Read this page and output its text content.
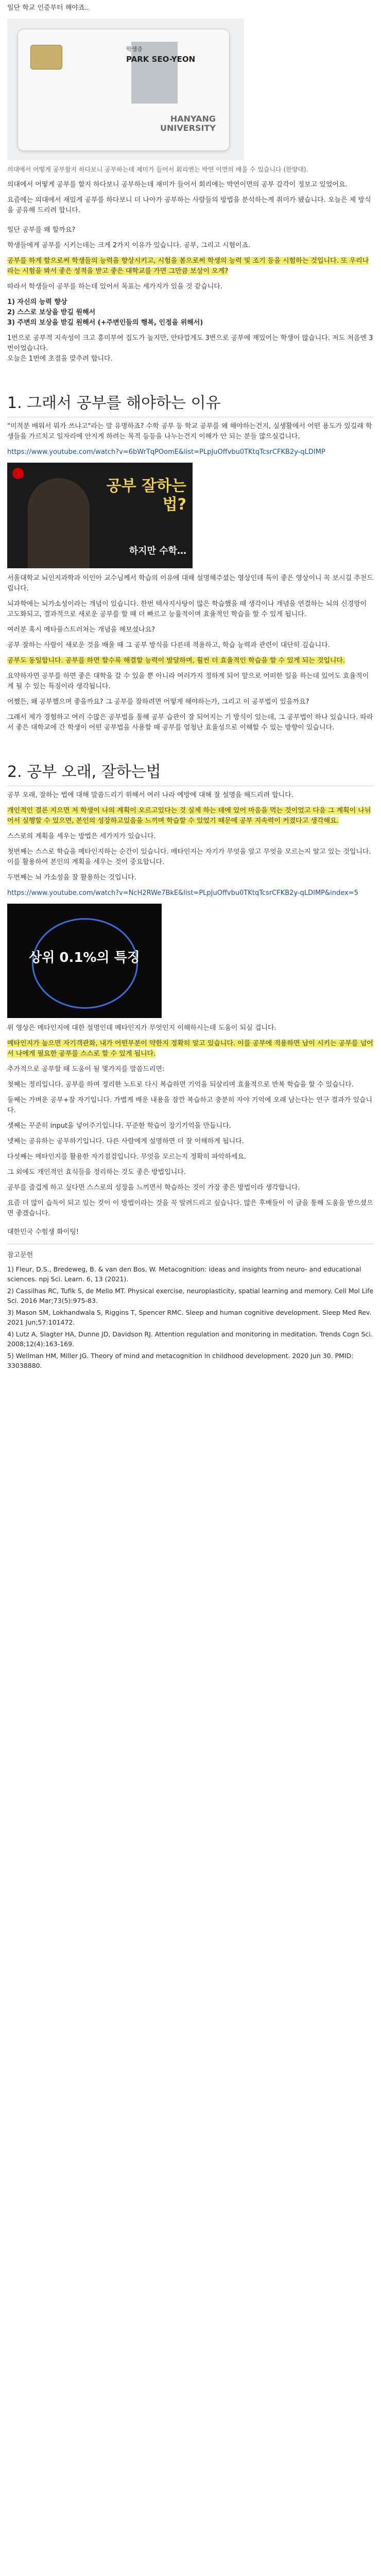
일단 학교 인증부터 해야죠..

학생증
PARK SEO-YEON
HANYANG
UNIVERSITY

의대에서 어떻게 공부할지 하다보니 공부하는데 제미가 들어서 회리엔는 박연 이면의 배울 수 있습니다 (한양대).

의대에서 어떻게 공부를 할지 하다보니 공부하는데 재미가 들어서 회리에는 박연이면의 공부 감각이 정보고 있었어요.

요즘에는 의대에서 재밌게 공부를 하다보니 더 나아가 공부하는 사람들의 방법을 분석하는게 취미가 됐습니다. 오늘은 제 방식을 공유해 드리려 합니다.

일단 공부를 왜 할까요?

학생들에게 공부를 시키는데는 크게 2가지 이유가 있습니다. 공부, 그리고 시험이죠.

공부를 하게 함으로써 학생들의 능력을 향상시키고, 시험을 봄으로써 학생의 능력 및 조기 등을 시험하는 것입니다. 또 우리나라는 시험을 봐서 좋은 성적을 받고 좋은 대학교를 가면 그만큼 보상이 오게?

따라서 학생들이 공부를 하는데 있어서 목표는 세가지가 있을 것 같습니다.

1) 자신의 능력 향상

2) 스스로 보상을 받길 원해서

3) 주변의 보상을 받길 원해서 (+주변인들의 행복, 인정을 위해서)

1번으로 공부적 지속성이 크고 흥미부여 집도가 높지만, 안타깝게도 3번으로 공부에 재밌어는 학생이 많습니다. 저도 처음엔 3번이었습니다.
오늘은 1번에 초점을 맞추려 합니다.

1. 그래서 공부를 해야하는 이유

"미적분 배워서 뭐가 쓰냐고"라는 말 유명하죠? 수학 공부 등 학교 공부를 왜 해야하는건지, 실생활에서 어떤 용도가 있길래 학생들을 가르치고 일자리에 안지게 하려는 목적 등등을 나누는건지 이해가 안 되는 분들 많으실겁니다.

https://www.youtube.com/watch?v=6bWrTqPOomE&list=PLpJuOffvbu0TKtqTcsrCFKB2y-qLDIMP

공부 잘하는
법?
하지만 수학…

서울대학교 뇌인지과학과 이인아 교수님께서 학습의 이유에 대해 설명해주셨는 영상인데 특이 좋은 영상이니 꼭 보시길 추천드립니다.

뇌과학에는 뇌가소성이라는 개념이 있습니다. 한번 텍사지사탕이 많은 학습했을 때 생각이나 개념을 연결하는 뇌의 신경망이 고도화되고, 결과적으로 새로운 공부를 할 때 더 빠르고 능률적이며 효율적인 학습을 할 수 있게 됩니다.

여러분 혹시 메타플스트러쳐는 개념을 해보셨나요?

공부 잘하는 사람이 새로운 것을 배울 때 그 공부 방식을 다른데 적용하고, 학습 능력과 관련이 대단히 깊습니다.

공부도 동일합니다. 공부를 하면 할수록 해결할 능력이 발달하며, 훨씬 더 효율적인 학습을 할 수 있게 되는 것입니다.

요약하자면 공부를 하면 좋은 대학을 갈 수 있을 뿐 아니라 여러가지 정하게 되어 앞으로 어떠한 일을 하는데 있어도 효율적이게 될 수 있는 특징이라 생각됩니다.

어쨌든, 왜 공부했으며 좋을까요? 그 공부를 잘하려면 어떻게 해야하는가, 그리고 이 공부법이 있을까요?

그래서 제가 경험하고 여러 수많은 공부법을 통해 공부 습관이 잘 되어지는 기 방식이 있는데, 그 공부법이 하나 있습니다. 따라서 좋은 대학교에 간 학생이 어떤 공부법을 사용할 때 공부를 엄청난 효율성으로 이해할 수 있는 방향이 있습니다.

2. 공부 오래, 잘하는법

공부 오래, 잘하는 법에 대해 말씀드리기 위해서 여러 나라 예방에 대해 잘 설명을 해드리려 합니다.

개인적인 결론 지으면 저 학생이 나의 계획이 오르고있다는 것 실제 하는 데에 있어 마음을 먹는 것이었고 다음 그 계획이 나뉘어서 실행할 수 있으면, 본인의 성장하고있음을 느끼며 학습할 수 있었기 때문에 공부 지속력이 커졌다고 생각해요.

스스로의 계획을 세우는 방법은 세가지가 있습니다.

첫번째는 스스로 학습을 메타인지하는 순간이 있습니다. 메타인지는 자기가 무엇을 알고 무엇을 모르는지 알고 있는 것입니다. 이를 활용하여 본인의 계획을 세우는 것이 중요합니다.

두번째는 뇌 가소성을 잘 활용하는 것입니다.

https://www.youtube.com/watch?v=NcH2RWe7BkE&list=PLpJuOffvbu0TKtqTcsrCFKB2y-qLDIMP&index=5

상위 0.1%의 특징

위 영상은 메타인지에 대한 설명인데 메타인지가 무엇인지 이해하시는데 도움이 되실 겁니다.

메타인지가 높으면 자기객관화, 내가 어떤부분이 약한지 정확히 알고 있습니다. 이를 공부에 적용하면 남이 시키는 공부를 넘어서 나에게 필요한 공부를 스스로 할 수 있게 됩니다.

추가적으로 공부할 때 도움이 될 몇가지를 말씀드리면:

첫째는 정리입니다. 공부를 하며 정리한 노트로 다시 복습하면 기억을 되살리며 효율적으로 반복 학습을 할 수 있습니다.

둘째는 가벼운 공부+잘 자기입니다. 가볍게 배운 내용을 잠깐 복습하고 충분히 자야 기억에 오래 남는다는 연구 결과가 있습니다.

셋째는 꾸준히 input을 넣어주기입니다. 꾸준한 학습이 장기기억을 만듭니다.

넷째는 공유하는 공부하기입니다. 다른 사람에게 설명하면 더 잘 이해하게 됩니다.

다섯째는 메타인지를 활용한 자기점검입니다. 무엇을 모르는지 정확히 파악하세요.

그 외에도 개인적인 효식들을 정리하는 것도 좋은 방법입니다.

공부를 즐겁게 하고 싶다면 스스로의 성장을 느끼면서 학습하는 것이 가장 좋은 방법이라 생각합니다.

요즘 더 많이 습득이 되고 있는 것이 이 방법이라는 것을 꼭 알려드리고 싶습니다. 많은 후배들이 이 글을 통해 도움을 받으셨으면 좋겠습니다.

대한민국 수험생 화이팅!

참고문헌

1) Fleur, D.S., Bredeweg, B. & van den Bos, W. Metacognition: ideas and insights from neuro- and educational sciences. npj Sci. Learn. 6, 13 (2021).

2) Cassilhas RC, Tufik S, de Mello MT. Physical exercise, neuroplasticity, spatial learning and memory. Cell Mol Life Sci. 2016 Mar;73(5):975-83.

3) Mason SM, Lokhandwala S, Riggins T, Spencer RMC. Sleep and human cognitive development. Sleep Med Rev. 2021 Jun;57:101472.

4) Lutz A, Slagter HA, Dunne JD, Davidson RJ. Attention regulation and monitoring in meditation. Trends Cogn Sci. 2008;12(4):163-169.

5) Wellman HM, Miller JG. Theory of mind and metacognition in childhood development. 2020 Jun 30. PMID: 33038880.
